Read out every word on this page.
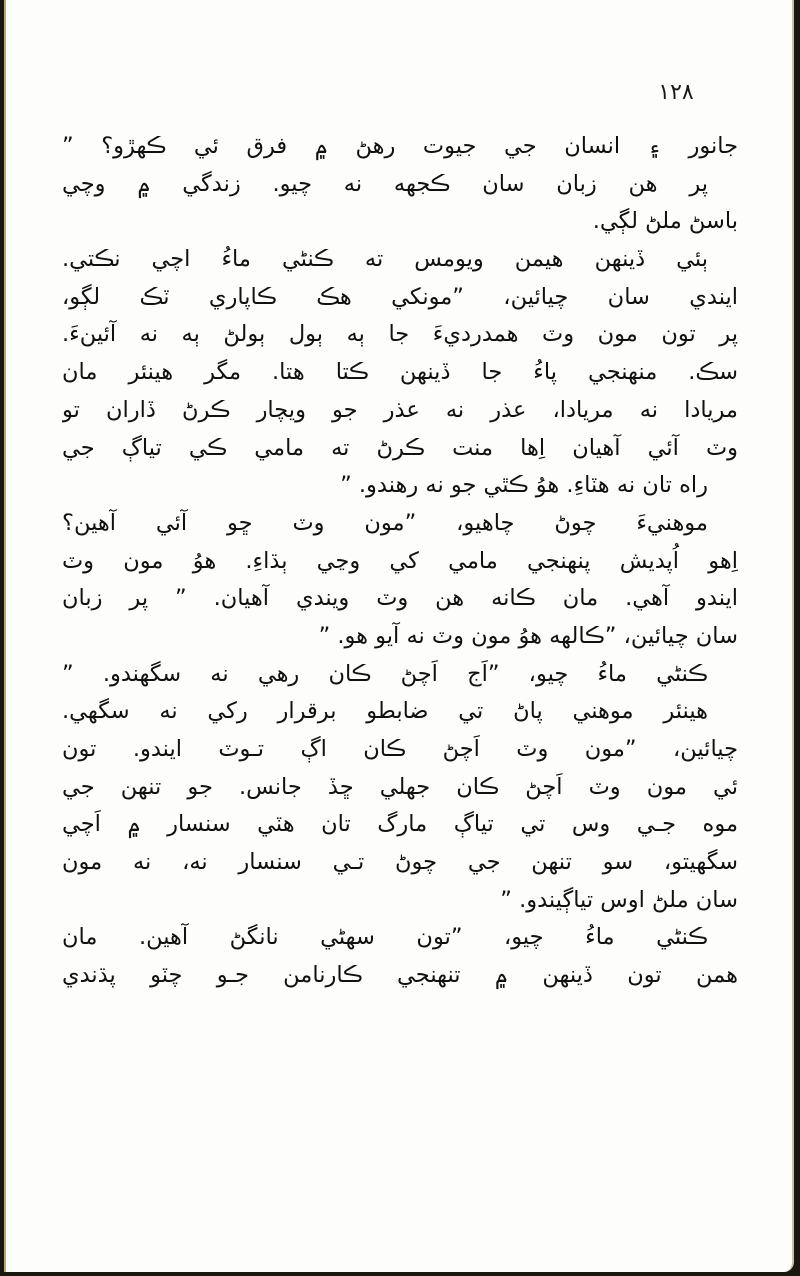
١٢٨
جانور ۽ انسان جي جيوت رهڻ ۾ فرق ئي ڪهڙو؟ ”
پر هن زبان سان ڪجهه نه چيو. زندگي ۾ وچي
باسڻ ملڻ لڳي.
ٻئي ڏينهن هيمن ويومس ته ڪنڻي ماءُ اچي نڪتي.
ايندي سان چيائين، ”مونکي هڪ ڪاپاري ٽڪ لڳو،
پر تون مون وٽ همدرديءَ جا ٻه ٻول ٻولڻ ٻه نه آئينءَ.
سڪ. منهنجي پاءُ جا ڏينهن ڪتا هتا. مگر هينئر مان
مريادا نه مريادا، عذر نه عذر جو ويچار ڪرڻ ڏاران تو
وٽ آئي آهيان اِها منت ڪرڻ ته مامي ڪي تياڳ جي
راه تان نه هٽاءِ. هوُ ڪٿي جو نه رهندو. ”
موهنيءَ چوڻ چاهيو، ”مون وٽ ڇو آئي آهين؟
اِهو اُپديش پنهنجي مامي کي وڃي ٻڌاءِ. هوُ مون وٽ
ايندو آهي. مان ڪانه هن وٽ ويندي آهيان. ” پر زبان
سان چيائين، ”ڪالهه هوُ مون وٽ نه آيو هو. ”
ڪنڻي ماءُ چيو، ”اَج اَچڻ ڪان رهي نه سگهندو. ”
هينئر موهني پاڻ تي ضابطو برقرار رکي نه سگهي.
چيائين، ”مون وٽ اَچڻ ڪان اڳ تـوٽ ايندو. تون
ئي مون وٽ اَچڻ ڪان جهلي ڇڏ جانس. جو تنهن جي
موه جـي وس تي تياڳ مارگ تان هٽي سنسار ۾ اَچي
سگهيتو، سو تنهن جي چوڻ تـي سنسار نه، نه مون
سان ملڻ اوس تياڳيندو. ”
ڪنڻي ماءُ چيو، ”تون سهڻي نانگڻ آهين. مان
همن تون ڏينهن ۾ تنهنجي ڪارنامن جـو چٽو پڌندي
